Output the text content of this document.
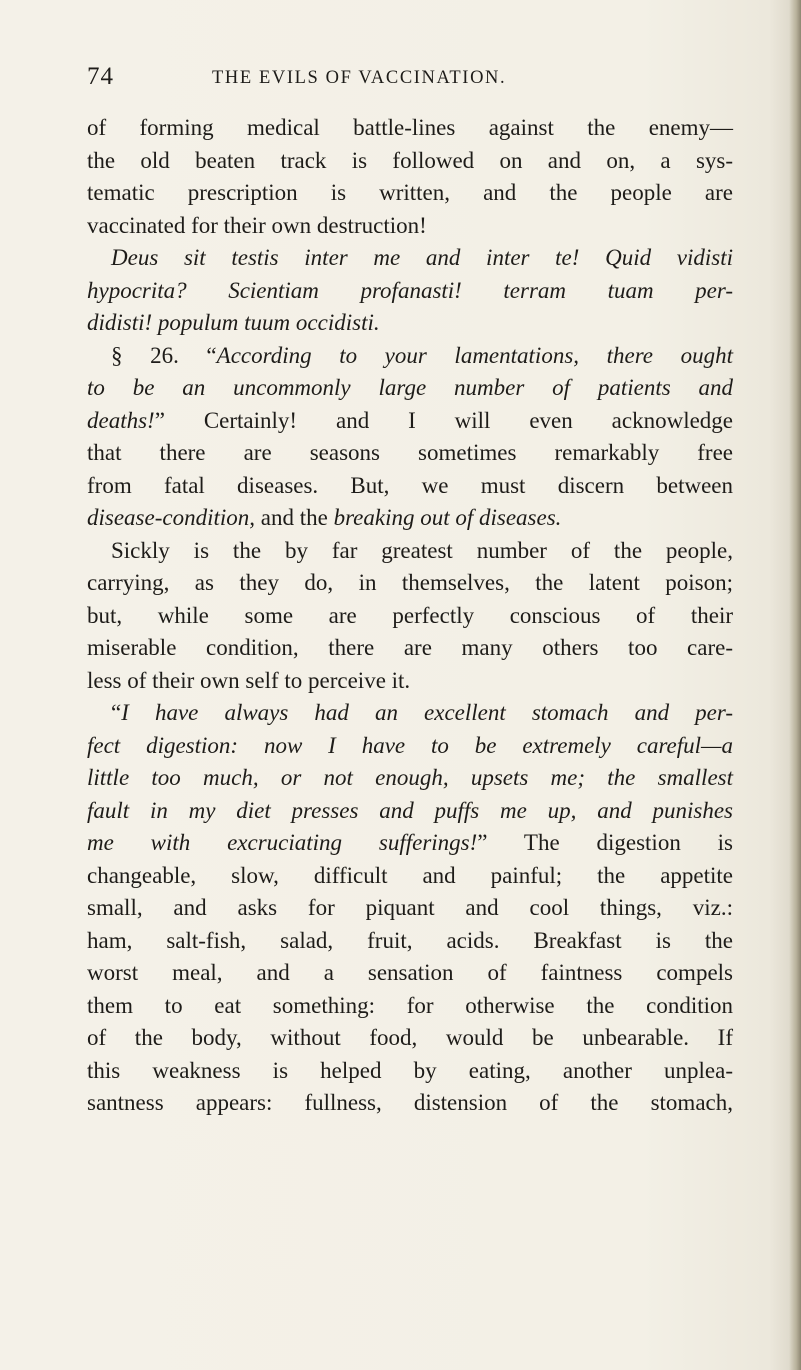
74	THE EVILS OF VACCINATION.
of forming medical battle-lines against the enemy—
the old beaten track is followed on and on, a sys-
tematic prescription is written, and the people are
vaccinated for their own destruction!
Deus sit testis inter me and inter te! Quid vidisti
hypocrita? Scientiam profanasti! terram tuam per-
didisti! populum tuum occidisti.
§ 26. “According to your lamentations, there ought
to be an uncommonly large number of patients and
deaths!” Certainly! and I will even acknowledge
that there are seasons sometimes remarkably free
from fatal diseases. But, we must discern between
disease-condition, and the breaking out of diseases.
Sickly is the by far greatest number of the people,
carrying, as they do, in themselves, the latent poison;
but, while some are perfectly conscious of their
miserable condition, there are many others too care-
less of their own self to perceive it.
“I have always had an excellent stomach and per-
fect digestion: now I have to be extremely careful—a
little too much, or not enough, upsets me; the smallest
fault in my diet presses and puffs me up, and punishes
me with excruciating sufferings!” The digestion is
changeable, slow, difficult and painful; the appetite
small, and asks for piquant and cool things, viz.:
ham, salt-fish, salad, fruit, acids. Breakfast is the
worst meal, and a sensation of faintness compels
them to eat something: for otherwise the condition
of the body, without food, would be unbearable. If
this weakness is helped by eating, another unplea-
santness appears: fullness, distension of the stomach,
